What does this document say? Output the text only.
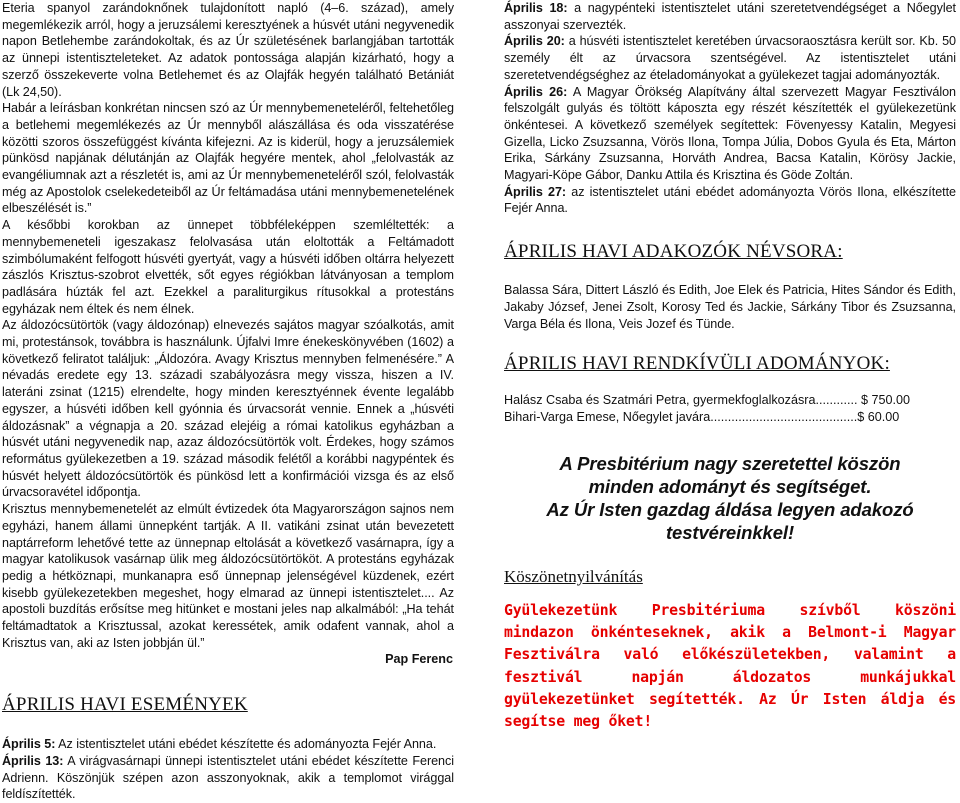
Eteria spanyol zarándoknőnek tulajdonított napló (4–6. század), amely megemlékezik arról, hogy a jeruzsálemi keresztyének a húsvét utáni negyvenedik napon Betlehembe zarándokoltak, és az Úr születésének barlangjában tartották az ünnepi istentiszteleteket. Az adatok pontossága alapján kizárható, hogy a szerző összekeverte volna Betlehemet és az Olajfák hegyén található Betániát (Lk 24,50).

Habár a leírásban konkrétan nincsen szó az Úr mennybemeneteléről, feltehetőleg a betlehemi megemlékezés az Úr mennyből alászállása és oda visszatérése közötti szoros összefüggést kívánta kifejezni. Az is kiderül, hogy a jeruzsálemiek pünkösd napjának délutánján az Olajfák hegyére mentek, ahol „felolvasták az evangéliumnak azt a részletét is, ami az Úr mennybemeneteléről szól, felolvasták még az Apostolok cselekedeteiből az Úr feltámadása utáni mennybemenetelének elbeszélését is.”

A későbbi korokban az ünnepet többféleképpen szemléltették: a mennybemeneteli igeszakasz felolvasása után eloltották a Feltámadott szimbólumaként felfogott húsvéti gyertyát, vagy a húsvéti időben oltárra helyezett zászlós Krisztus-szobrot elvették, sőt egyes régiókban látványosan a templom padlására húzták fel azt. Ezekkel a paraliturgikus rítusokkal a protestáns egyházak nem éltek és nem élnek.

Az áldozócsütörtök (vagy áldozónap) elnevezés sajátos magyar szóalkotás, amit mi, protestánsok, továbbra is használunk. Újfalvi Imre énekeskönyvében (1602) a következő feliratot találjuk: „Áldozóra. Avagy Krisztus mennyben felmenésére.” A névadás eredete egy 13. századi szabályozásra megy vissza, hiszen a IV. lateráni zsinat (1215) elrendelte, hogy minden keresztyénnek évente legalább egyszer, a húsvéti időben kell gyónnia és úrvacsorát vennie. Ennek a „húsvéti áldozásnak” a végnapja a 20. század elejéig a római katolikus egyházban a húsvét utáni negyvenedik nap, azaz áldozócsütörtök volt. Érdekes, hogy számos református gyülekezetben a 19. század második felétől a korábbi nagypéntek és húsvét helyett áldozócsütörtök és pünkösd lett a konfirmációi vizsga és az első úrvacsoravétel időpontja.

Krisztus mennybemenetelét az elmúlt évtizedek óta Magyarországon sajnos nem egyházi, hanem állami ünnepként tartják. A II. vatikáni zsinat után bevezetett naptárreform lehetővé tette az ünnepnap eltolását a következő vasárnapra, így a magyar katolikusok vasárnap ülik meg áldozócsütörtököt. A protestáns egyházak pedig a hétköznapi, munkanapra eső ünnepnap jelenségével küzdenek, ezért kisebb gyülekezetekben megeshet, hogy elmarad az ünnepi istentisztelet.... Az apostoli buzdítás erősítse meg hitünket e mostani jeles nap alkalmából: „Ha tehát feltámadtatok a Krisztussal, azokat keressétek, amik odafent vannak, ahol a Krisztus van, aki az Isten jobbján ül.”

Pap Ferenc

ÁPRILIS HAVI ESEMÉNYEK

Április 5: Az istentisztelet utáni ebédet készítette és adományozta Fejér Anna.

Április 13: A virágvasárnapi ünnepi istentisztelet utáni ebédet készítette Ferenci Adrienn. Köszönjük szépen azon asszonyoknak, akik a templomot virággal feldíszítették.

Április 18: a nagypénteki istentisztelet utáni szeretetvendégséget a Nőegylet asszonyai szervezték.

Április 20: a húsvéti istentisztelet keretében úrvacsoraosztásra került sor. Kb. 50 személy élt az úrvacsora szentségével. Az istentisztelet utáni szeretetvendégséghez az ételadományokat a gyülekezet tagjai adományozták.

Április 26: A Magyar Örökség Alapítvány által szervezett Magyar Fesztiválon felszolgált gulyás és töltött káposzta egy részét készítették el gyülekezetünk önkéntesei. A következő személyek segítettek: Fövenyessy Katalin, Megyesi Gizella, Licko Zsuzsanna, Vörös Ilona, Tompa Júlia, Dobos Gyula és Eta, Márton Erika, Sárkány Zsuzsanna, Horváth Andrea, Bacsa Katalin, Körösy Jackie, Magyari-Köpe Gábor, Danku Attila és Krisztina és Göde Zoltán.

Április 27: az istentisztelet utáni ebédet adományozta Vörös Ilona, elkészítette Fejér Anna.

ÁPRILIS HAVI ADAKOZÓK NÉVSORA:

Balassa Sára, Dittert László és Edith, Joe Elek és Patricia, Hites Sándor és Edith, Jakaby József, Jenei Zsolt, Korosy Ted és Jackie, Sárkány Tibor és Zsuzsanna, Varga Béla és Ilona, Veis Jozef és Tünde.

ÁPRILIS HAVI RENDKÍVÜLI ADOMÁNYOK:

Halász Csaba és Szatmári Petra, gyermekfoglalkozásra............ $ 750.00

Bihari-Varga Emese, Nőegylet javára..........................................$ 60.00

A Presbitérium nagy szeretettel köszön
minden adományt és segítséget.
Az Úr Isten gazdag áldása legyen adakozó
testvéreinkkel!
Köszönetnyilvánítás

Gyülekezetünk Presbitériuma szívből köszöni mindazon önkénteseknek, akik a Belmont-i Magyar Fesztiválra való előkészületekben, valamint a fesztivál napján áldozatos munkájukkal gyülekezetünket segítették. Az Úr Isten áldja és segítse meg őket!
